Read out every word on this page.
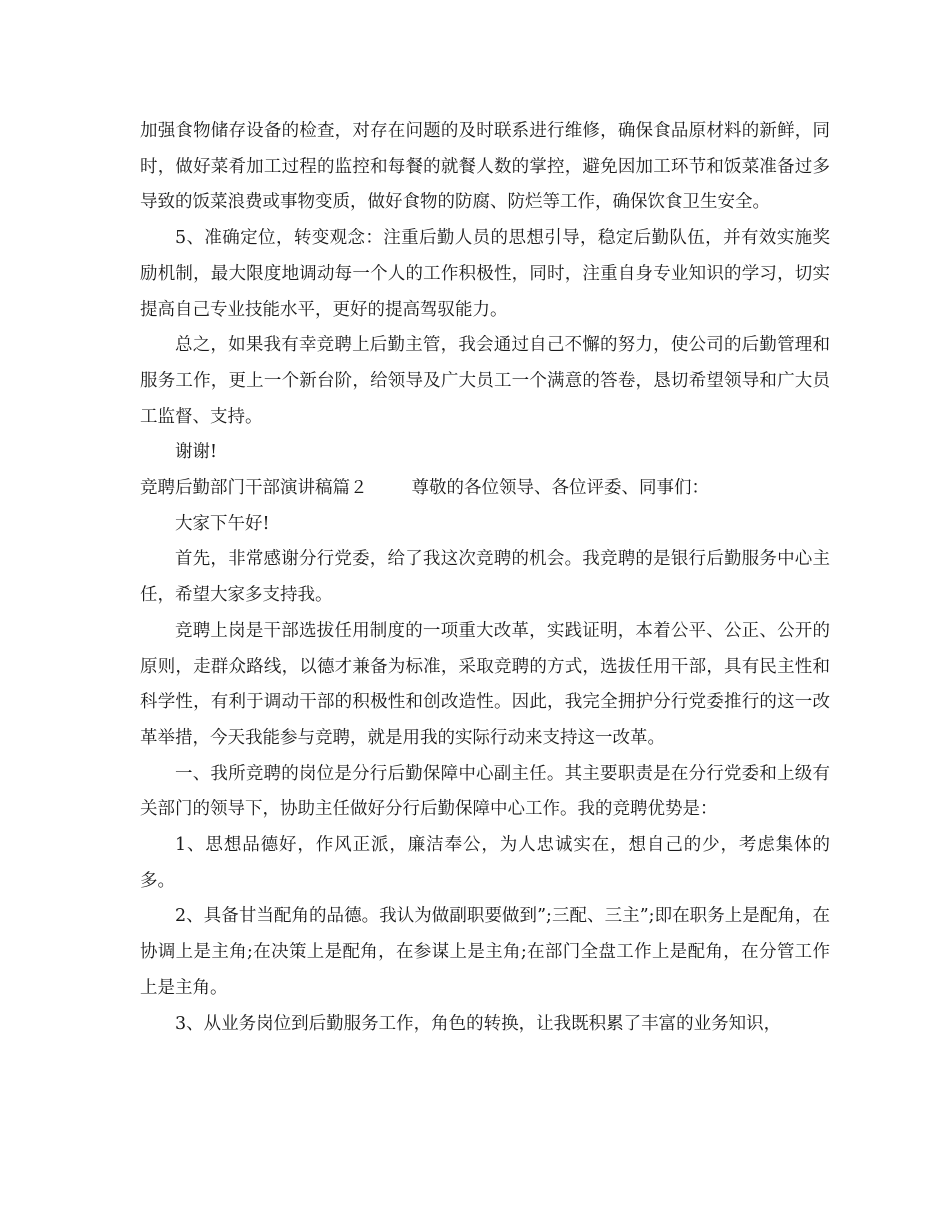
加强食物储存设备的检查，对存在问题的及时联系进行维修，确保食品原材料的新鲜，同时，做好菜肴加工过程的监控和每餐的就餐人数的掌控，避免因加工环节和饭菜准备过多导致的饭菜浪费或事物变质，做好食物的防腐、防烂等工作，确保饮食卫生安全。

5、准确定位，转变观念：注重后勤人员的思想引导，稳定后勤队伍，并有效实施奖励机制，最大限度地调动每一个人的工作积极性，同时，注重自身专业知识的学习，切实提高自己专业技能水平，更好的提高驾驭能力。

总之，如果我有幸竞聘上后勤主管，我会通过自己不懈的努力，使公司的后勤管理和服务工作，更上一个新台阶，给领导及广大员工一个满意的答卷，恳切希望领导和广大员工监督、支持。

谢谢!

竞聘后勤部门干部演讲稿篇２	尊敬的各位领导、各位评委、同事们：

大家下午好!

首先，非常感谢分行党委，给了我这次竞聘的机会。我竞聘的是银行后勤服务中心主任，希望大家多支持我。

竞聘上岗是干部选拔任用制度的一项重大改革，实践证明，本着公平、公正、公开的原则，走群众路线，以德才兼备为标准，采取竞聘的方式，选拔任用干部，具有民主性和科学性，有利于调动干部的积极性和创改造性。因此，我完全拥护分行党委推行的这一改革举措，今天我能参与竞聘，就是用我的实际行动来支持这一改革。

一、我所竞聘的岗位是分行后勤保障中心副主任。其主要职责是在分行党委和上级有关部门的领导下，协助主任做好分行后勤保障中心工作。我的竞聘优势是：

1、思想品德好，作风正派，廉洁奉公，为人忠诚实在，想自己的少，考虑集体的多。

2、具备甘当配角的品德。我认为做副职要做到”;三配、三主”;即在职务上是配角，在协调上是主角;在决策上是配角，在参谋上是主角;在部门全盘工作上是配角，在分管工作上是主角。

3、从业务岗位到后勤服务工作，角色的转换，让我既积累了丰富的业务知识，
